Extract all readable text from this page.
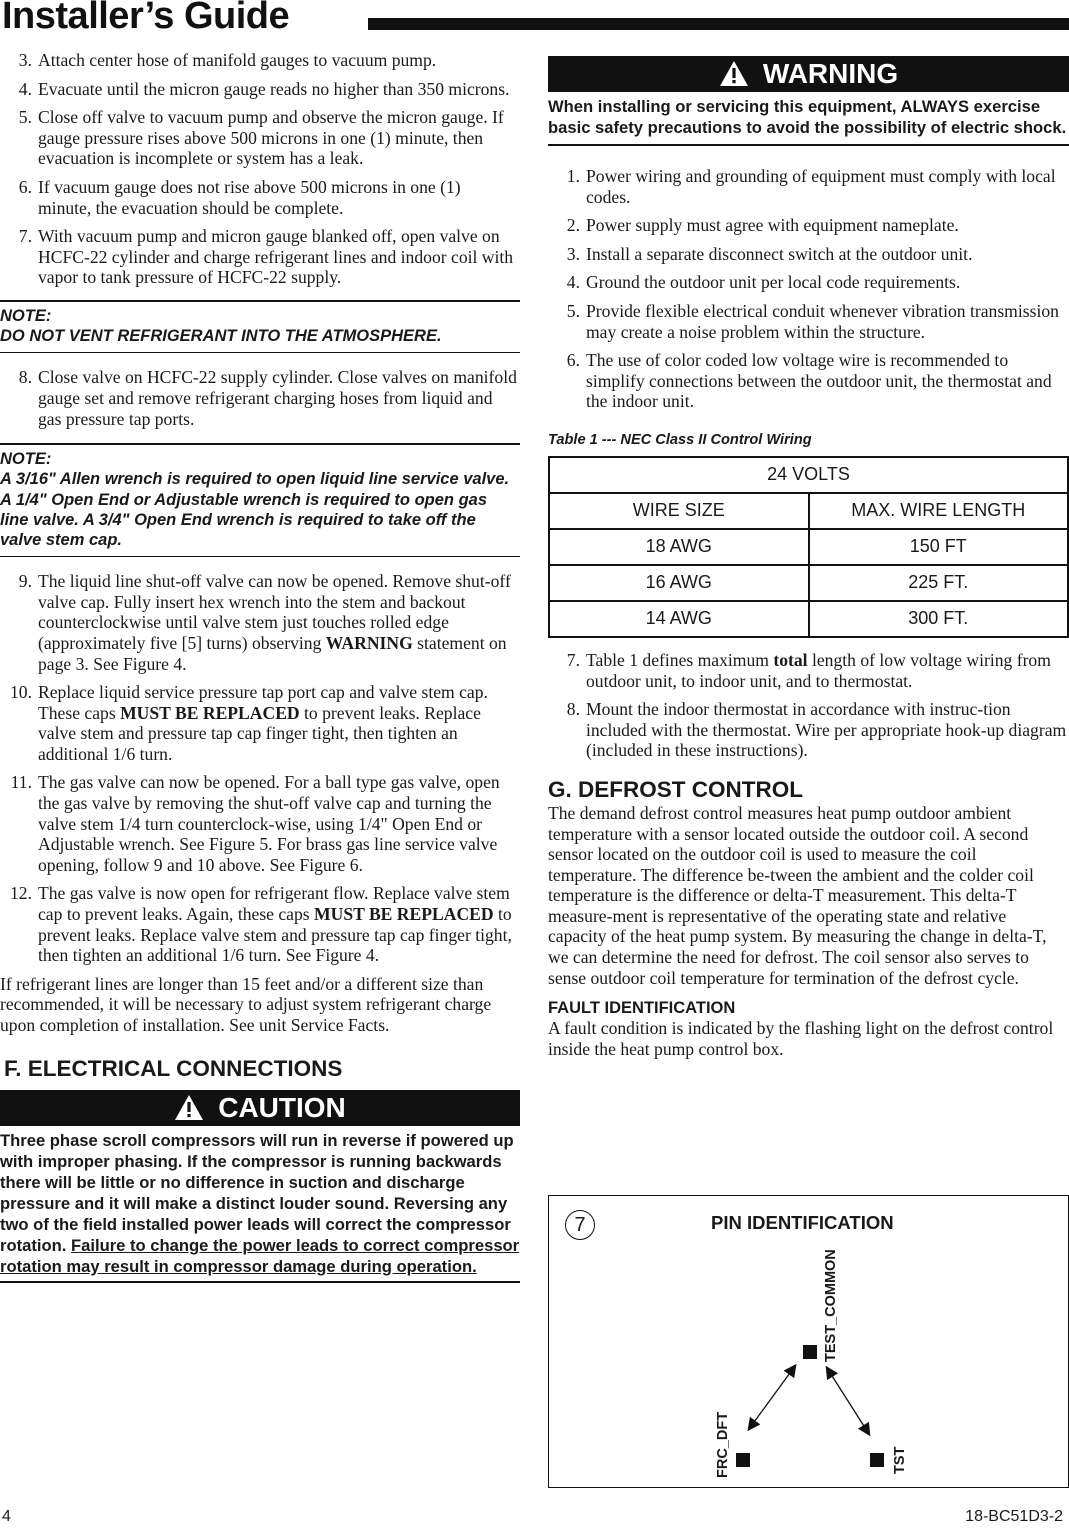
Installer’s Guide
3. Attach center hose of manifold gauges to vacuum pump.
4. Evacuate until the micron gauge reads no higher than 350 microns.
5. Close off valve to vacuum pump and observe the micron gauge. If gauge pressure rises above 500 microns in one (1) minute, then evacuation is incomplete or system has a leak.
6. If vacuum gauge does not rise above 500 microns in one (1) minute, the evacuation should be complete.
7. With vacuum pump and micron gauge blanked off, open valve on HCFC-22 cylinder and charge refrigerant lines and indoor coil with vapor to tank pressure of HCFC-22 supply.
NOTE:
DO NOT VENT REFRIGERANT INTO THE ATMOSPHERE.
8. Close valve on HCFC-22 supply cylinder. Close valves on manifold gauge set and remove refrigerant charging hoses from liquid and gas pressure tap ports.
NOTE:
A 3/16" Allen wrench is required to open liquid line service valve. A 1/4" Open End or Adjustable wrench is required to open gas line valve. A 3/4" Open End wrench is required to take off the valve stem cap.
9. The liquid line shut-off valve can now be opened. Remove shut-off valve cap. Fully insert hex wrench into the stem and backout counterclockwise until valve stem just touches rolled edge (approximately five [5] turns) observing WARNING statement on page 3. See Figure 4.
10. Replace liquid service pressure tap port cap and valve stem cap. These caps MUST BE REPLACED to prevent leaks. Replace valve stem and pressure tap cap finger tight, then tighten an additional 1/6 turn.
11. The gas valve can now be opened. For a ball type gas valve, open the gas valve by removing the shut-off valve cap and turning the valve stem 1/4 turn counterclock-wise, using 1/4" Open End or Adjustable wrench. See Figure 5. For brass gas line service valve opening, follow 9 and 10 above. See Figure 6.
12. The gas valve is now open for refrigerant flow. Replace valve stem cap to prevent leaks. Again, these caps MUST BE REPLACED to prevent leaks. Replace valve stem and pressure tap cap finger tight, then tighten an additional 1/6 turn. See Figure 4.
If refrigerant lines are longer than 15 feet and/or a different size than recommended, it will be necessary to adjust system refrigerant charge upon completion of installation. See unit Service Facts.
F. ELECTRICAL CONNECTIONS
CAUTION
Three phase scroll compressors will run in reverse if powered up with improper phasing. If the compressor is running backwards there will be little or no difference in suction and discharge pressure and it will make a distinct louder sound. Reversing any two of the field installed power leads will correct the compressor rotation. Failure to change the power leads to correct compressor rotation may result in compressor damage during operation.
WARNING
When installing or servicing this equipment, ALWAYS exercise basic safety precautions to avoid the possibility of electric shock.
1. Power wiring and grounding of equipment must comply with local codes.
2. Power supply must agree with equipment nameplate.
3. Install a separate disconnect switch at the outdoor unit.
4. Ground the outdoor unit per local code requirements.
5. Provide flexible electrical conduit whenever vibration transmission may create a noise problem within the structure.
6. The use of color coded low voltage wire is recommended to simplify connections between the outdoor unit, the thermostat and the indoor unit.
Table 1 --- NEC Class II Control Wiring
24 VOLTS	
WIRE SIZE	MAX. WIRE LENGTH
18 AWG	150 FT
16 AWG	225 FT.
14 AWG	300 FT.
7. Table 1 defines maximum total length of low voltage wiring from outdoor unit, to indoor unit, and to thermostat.
8. Mount the indoor thermostat in accordance with instruc-tion included with the thermostat. Wire per appropriate hook-up diagram (included in these instructions).
G. DEFROST CONTROL
The demand defrost control measures heat pump outdoor ambient temperature with a sensor located outside the outdoor coil. A second sensor located on the outdoor coil is used to measure the coil temperature. The difference be-tween the ambient and the colder coil temperature is the difference or delta-T measurement. This delta-T measure-ment is representative of the operating state and relative capacity of the heat pump system. By measuring the change in delta-T, we can determine the need for defrost. The coil sensor also serves to sense outdoor coil temperature for termination of the defrost cycle.
FAULT IDENTIFICATION
A fault condition is indicated by the flashing light on the defrost control inside the heat pump control box.
7	PIN IDENTIFICATION
TEST_COMMON
FRC_DFT	TST
4	18-BC51D3-2
